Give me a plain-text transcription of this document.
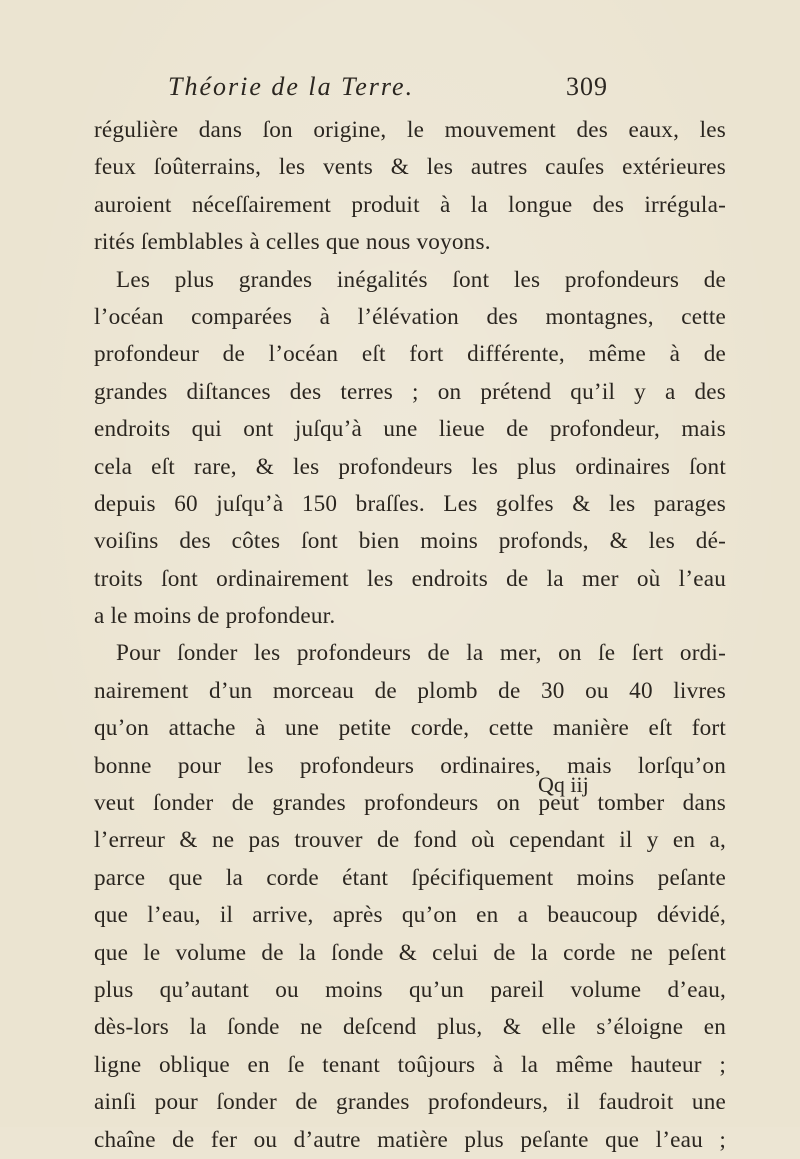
Théorie de la Terre.	309
régulière dans ſon origine, le mouvement des eaux, les
feux ſoûterrains, les vents & les autres cauſes extérieures
auroient néceſſairement produit à la longue des irrégula-
rités ſemblables à celles que nous voyons.
Les plus grandes inégalités ſont les profondeurs de
l’océan comparées à l’élévation des montagnes, cette
profondeur de l’océan eſt fort différente, même à de
grandes diſtances des terres ; on prétend qu’il y a des
endroits qui ont juſqu’à une lieue de profondeur, mais
cela eſt rare, & les profondeurs les plus ordinaires ſont
depuis 60 juſqu’à 150 braſſes. Les golfes & les parages
voiſins des côtes ſont bien moins profonds, & les dé-
troits ſont ordinairement les endroits de la mer où l’eau
a le moins de profondeur.
Pour ſonder les profondeurs de la mer, on ſe ſert ordi-
nairement d’un morceau de plomb de 30 ou 40 livres
qu’on attache à une petite corde, cette manière eſt fort
bonne pour les profondeurs ordinaires, mais lorſqu’on
veut ſonder de grandes profondeurs on peut tomber dans
l’erreur & ne pas trouver de fond où cependant il y en a,
parce que la corde étant ſpécifiquement moins peſante
que l’eau, il arrive, après qu’on en a beaucoup dévidé,
que le volume de la ſonde & celui de la corde ne peſent
plus qu’autant ou moins qu’un pareil volume d’eau,
dès-lors la ſonde ne deſcend plus, & elle s’éloigne en
ligne oblique en ſe tenant toûjours à la même hauteur ;
ainſi pour ſonder de grandes profondeurs, il faudroit une
chaîne de fer ou d’autre matière plus peſante que l’eau ;
Qq iij
